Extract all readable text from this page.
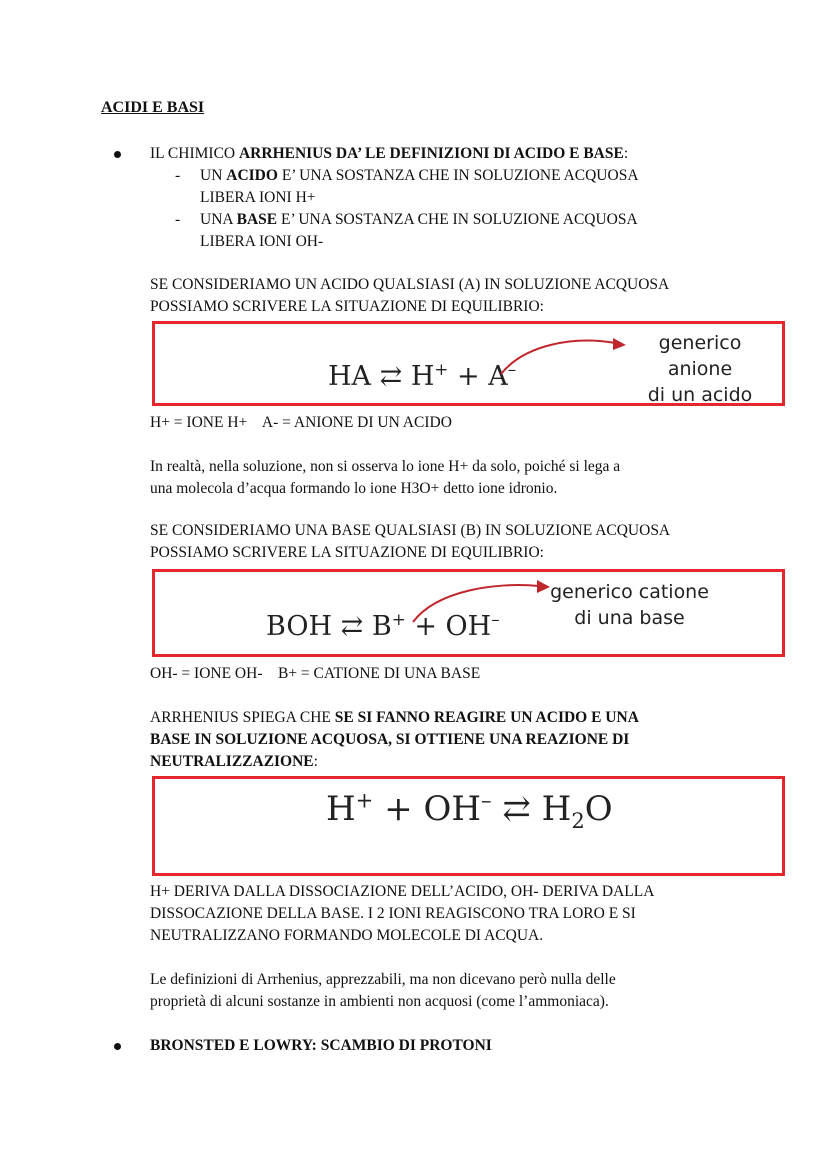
ACIDI E BASI

IL CHIMICO ARRHENIUS DA’ LE DEFINIZIONI DI ACIDO E BASE:

- UN ACIDO E’ UNA SOSTANZA CHE IN SOLUZIONE ACQUOSA

LIBERA IONI H+

- UNA BASE E’ UNA SOSTANZA CHE IN SOLUZIONE ACQUOSA

LIBERA IONI OH-

SE CONSIDERIAMO UN ACIDO QUALSIASI (A) IN SOLUZIONE ACQUOSA

POSSIAMO SCRIVERE LA SITUAZIONE DI EQUILIBRIO:

HA ⇄ H+ + A–
generico anione
di un acido

H+ = IONE H+    A- = ANIONE DI UN ACIDO

In realtà, nella soluzione, non si osserva lo ione H+ da solo, poiché si lega a

una molecola d’acqua formando lo ione H3O+ detto ione idronio.

SE CONSIDERIAMO UNA BASE QUALSIASI (B) IN SOLUZIONE ACQUOSA

POSSIAMO SCRIVERE LA SITUAZIONE DI EQUILIBRIO:

BOH ⇄ B+ + OH–
generico catione
di una base

OH- = IONE OH-    B+ = CATIONE DI UNA BASE

ARRHENIUS SPIEGA CHE SE SI FANNO REAGIRE UN ACIDO E UNA

BASE IN SOLUZIONE ACQUOSA, SI OTTIENE UNA REAZIONE DI

NEUTRALIZZAZIONE:

H+ + OH– ⇄ $H_2O$

H+ DERIVA DALLA DISSOCIAZIONE DELL’ACIDO, OH- DERIVA DALLA

DISSOCAZIONE DELLA BASE. I 2 IONI REAGISCONO TRA LORO E SI

NEUTRALIZZANO FORMANDO MOLECOLE DI ACQUA.

Le definizioni di Arrhenius, apprezzabili, ma non dicevano però nulla delle

proprietà di alcuni sostanze in ambienti non acquosi (come l’ammoniaca).

BRONSTED E LOWRY: SCAMBIO DI PROTONI
